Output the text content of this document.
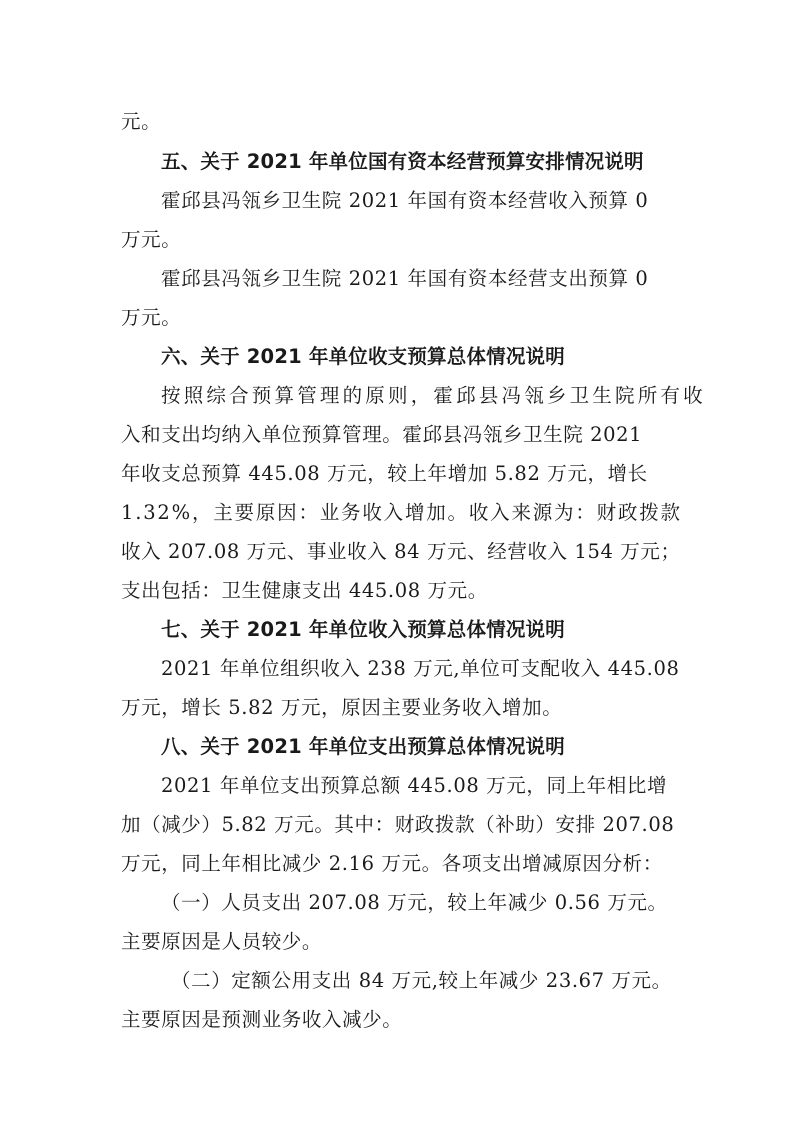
元。
五、关于 2021 年单位国有资本经营预算安排情况说明
霍邱县冯瓴乡卫生院 2021 年国有资本经营收入预算 0
万元。
霍邱县冯瓴乡卫生院 2021 年国有资本经营支出预算 0
万元。
六、关于 2021 年单位收支预算总体情况说明
按照综合预算管理的原则，霍邱县冯瓴乡卫生院所有收
入和支出均纳入单位预算管理。霍邱县冯瓴乡卫生院 2021
年收支总预算 445.08 万元，较上年增加 5.82 万元，增长
1.32%，主要原因：业务收入增加。收入来源为：财政拨款
收入 207.08 万元、事业收入 84 万元、经营收入 154 万元；
支出包括：卫生健康支出 445.08 万元。
七、关于 2021 年单位收入预算总体情况说明
2021 年单位组织收入 238 万元,单位可支配收入 445.08
万元，增长 5.82 万元，原因主要业务收入增加。
八、关于 2021 年单位支出预算总体情况说明
2021 年单位支出预算总额 445.08 万元，同上年相比增
加（减少）5.82 万元。其中：财政拨款（补助）安排 207.08
万元，同上年相比减少 2.16 万元。各项支出增减原因分析：
（一）人员支出 207.08 万元，较上年减少 0.56 万元。
主要原因是人员较少。
（二）定额公用支出 84 万元,较上年减少 23.67 万元。
主要原因是预测业务收入减少。
